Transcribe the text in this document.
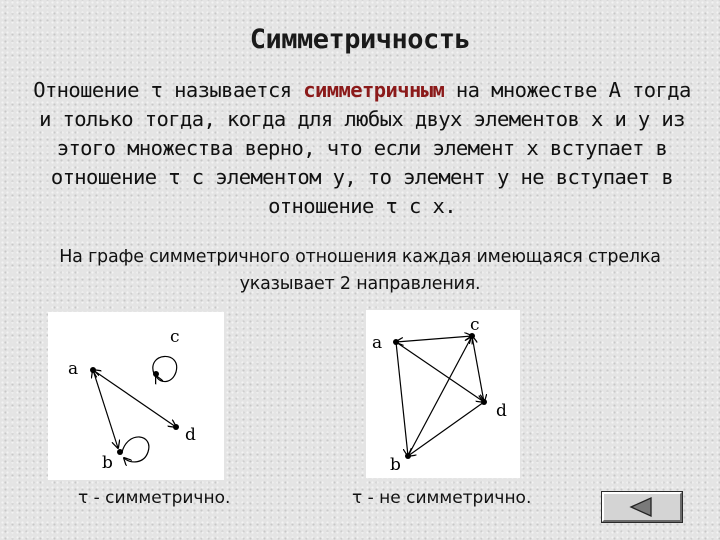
Симметричность
Отношение τ называется симметричным на множестве А тогда и только тогда, когда для любых двух элементов x и y из этого множества верно, что если элемент x вступает в отношение τ с элементом y, то элемент y не вступает в отношение τ с x.
На графе симметричного отношения каждая имеющаяся стрелка указывает 2 направления.
a
b
c
d
a
b
c
d
τ - симметрично.	τ - не симметрично.
